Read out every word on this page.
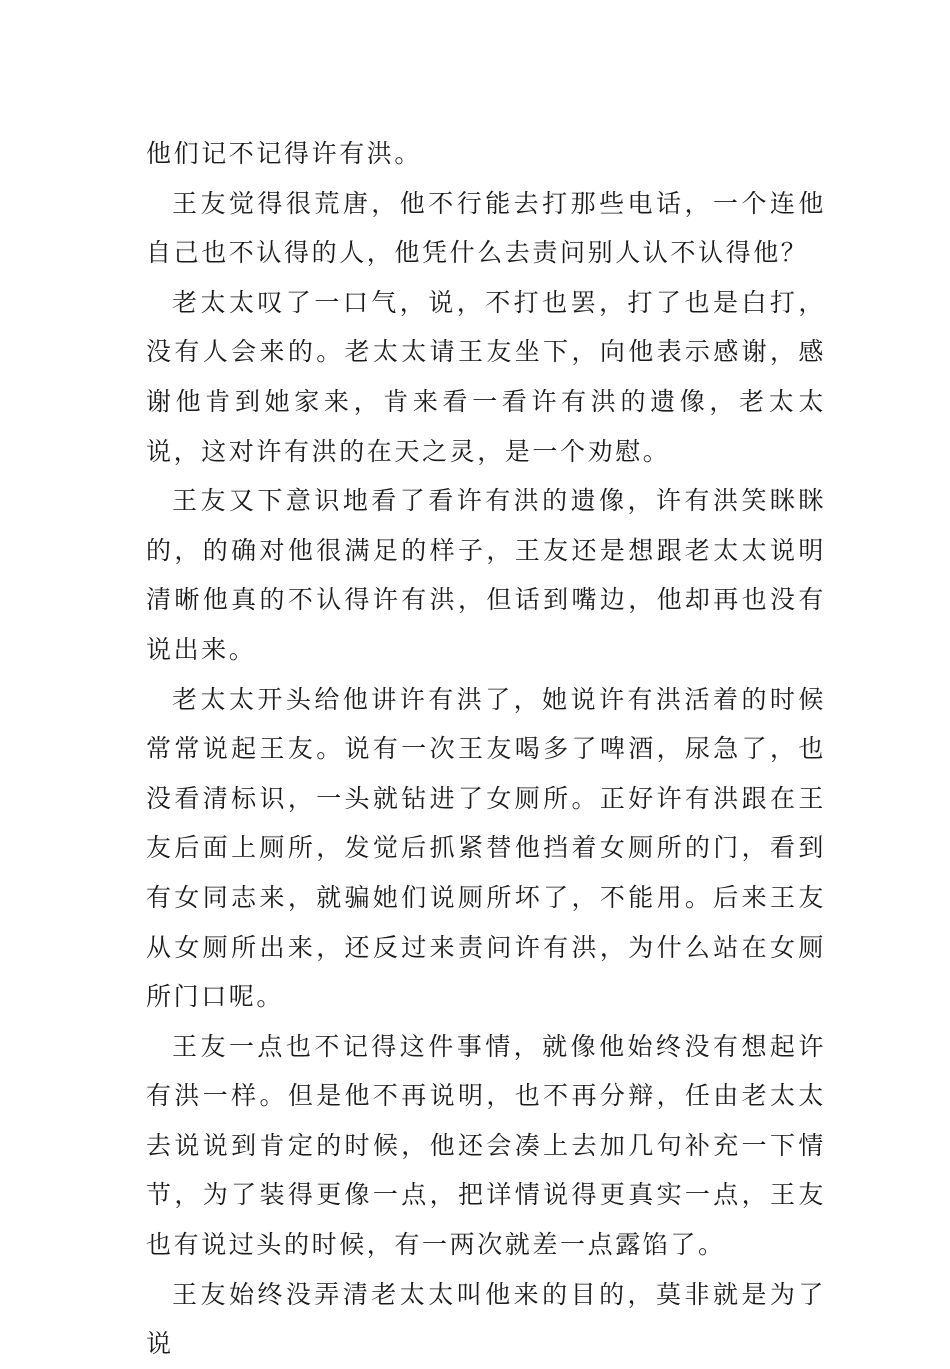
他们记不记得许有洪。

王友觉得很荒唐，他不行能去打那些电话，一个连他自己也不认得的人，他凭什么去责问别人认不认得他？

老太太叹了一口气，说，不打也罢，打了也是白打，没有人会来的。老太太请王友坐下，向他表示感谢，感谢他肯到她家来，肯来看一看许有洪的遗像，老太太说，这对许有洪的在天之灵，是一个劝慰。

王友又下意识地看了看许有洪的遗像，许有洪笑眯眯的，的确对他很满足的样子，王友还是想跟老太太说明清晰他真的不认得许有洪，但话到嘴边，他却再也没有说出来。

老太太开头给他讲许有洪了，她说许有洪活着的时候常常说起王友。说有一次王友喝多了啤酒，尿急了，也没看清标识，一头就钻进了女厕所。正好许有洪跟在王友后面上厕所，发觉后抓紧替他挡着女厕所的门，看到有女同志来，就骗她们说厕所坏了，不能用。后来王友从女厕所出来，还反过来责问许有洪，为什么站在女厕所门口呢。

王友一点也不记得这件事情，就像他始终没有想起许有洪一样。但是他不再说明，也不再分辩，任由老太太去说说到肯定的时候，他还会凑上去加几句补充一下情节，为了装得更像一点，把详情说得更真实一点，王友也有说过头的时候，有一两次就差一点露馅了。

王友始终没弄清老太太叫他来的目的，莫非就是为了说
